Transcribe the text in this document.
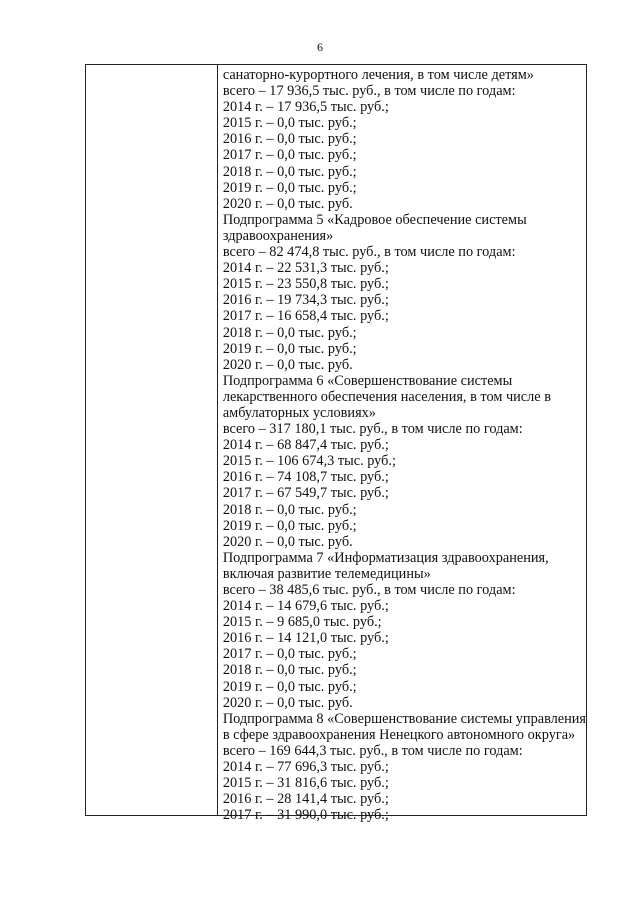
6
санаторно-курортного лечения, в том числе детям»
всего – 17 936,5 тыс. руб., в том числе по годам:
2014 г. – 17 936,5 тыс. руб.;
2015 г. – 0,0 тыс. руб.;
2016 г. – 0,0 тыс. руб.;
2017 г. – 0,0 тыс. руб.;
2018 г. – 0,0 тыс. руб.;
2019 г. – 0,0 тыс. руб.;
2020 г. – 0,0 тыс. руб.
Подпрограмма 5 «Кадровое обеспечение системы
здравоохранения»
всего – 82 474,8 тыс. руб., в том числе по годам:
2014 г. – 22 531,3 тыс. руб.;
2015 г. – 23 550,8 тыс. руб.;
2016 г. – 19 734,3 тыс. руб.;
2017 г. – 16 658,4 тыс. руб.;
2018 г. – 0,0 тыс. руб.;
2019 г. – 0,0 тыс. руб.;
2020 г. – 0,0 тыс. руб.
Подпрограмма 6 «Совершенствование системы
лекарственного обеспечения населения, в том числе в
амбулаторных условиях»
всего – 317 180,1 тыс. руб., в том числе по годам:
2014 г. – 68 847,4 тыс. руб.;
2015 г. – 106 674,3 тыс. руб.;
2016 г. – 74 108,7 тыс. руб.;
2017 г. – 67 549,7 тыс. руб.;
2018 г. – 0,0 тыс. руб.;
2019 г. – 0,0 тыс. руб.;
2020 г. – 0,0 тыс. руб.
Подпрограмма 7 «Информатизация здравоохранения,
включая развитие телемедицины»
всего – 38 485,6 тыс. руб., в том числе по годам:
2014 г. – 14 679,6 тыс. руб.;
2015 г. – 9 685,0 тыс. руб.;
2016 г. – 14 121,0 тыс. руб.;
2017 г. – 0,0 тыс. руб.;
2018 г. – 0,0 тыс. руб.;
2019 г. – 0,0 тыс. руб.;
2020 г. – 0,0 тыс. руб.
Подпрограмма 8 «Совершенствование системы управления
в сфере здравоохранения Ненецкого автономного округа»
всего – 169 644,3 тыс. руб., в том числе по годам:
2014 г. – 77 696,3 тыс. руб.;
2015 г. – 31 816,6 тыс. руб.;
2016 г. – 28 141,4 тыс. руб.;
2017 г. – 31 990,0 тыс. руб.;
